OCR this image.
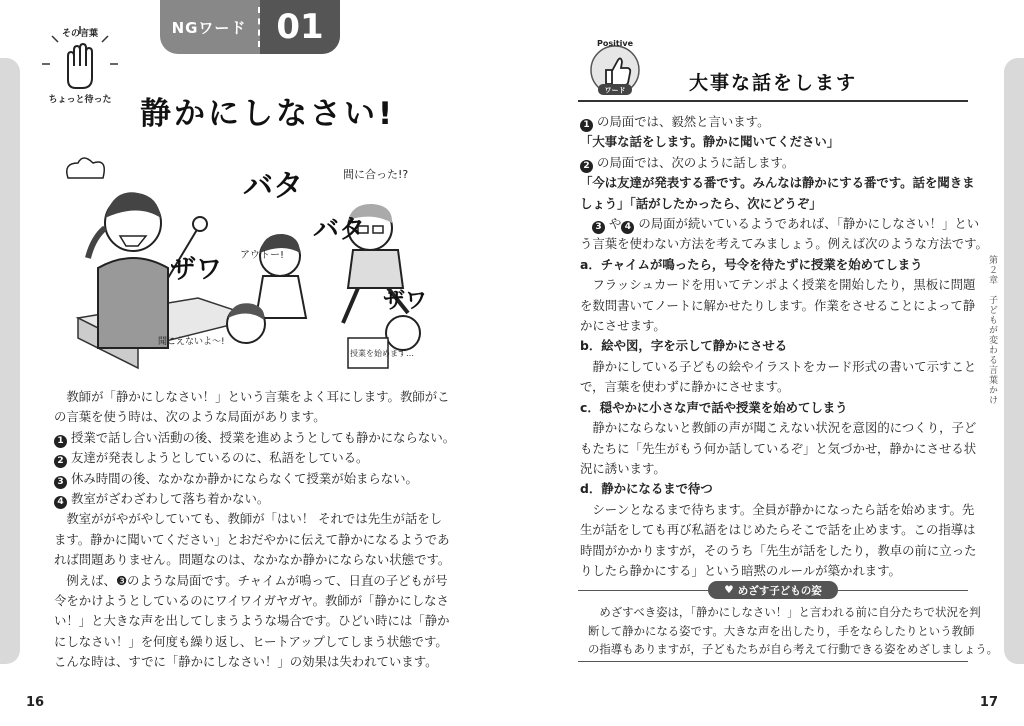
NGワード 01
その言葉
ちょっと待った 静かにしなさい!
バタ
バタ
ザワ
ザワ
間に合った!?
アウトー!
聞こえないよ〜!
授業を始めます…

　教師が「静かにしなさい！」という言葉をよく耳にします。教師がこ

の言葉を使う時は、次のような局面があります。

1 授業で話し合い活動の後、授業を進めようとしても静かにならない。

2 友達が発表しようとしているのに、私語をしている。

3 休み時間の後、なかなか静かにならなくて授業が始まらない。

4 教室がざわざわして落ち着かない。

　教室ががやがやしていても、教師が「はい！ それでは先生が話をし

ます。静かに聞いてください」とおだやかに伝えて静かになるようであ

れば問題ありません。問題なのは、なかなか静かにならない状態です。

　例えば、❸のような局面です。チャイムが鳴って、日直の子どもが号

令をかけようとしているのにワイワイガヤガヤ。教師が「静かにしなさ

い！」と大きな声を出してしまうような場合です。ひどい時には「静か

にしなさい！」を何度も繰り返し、ヒートアップしてしまう状態です。

こんな時は、すでに「静かにしなさい！」の効果は失われています。

16
大事な話をします
Positive
ワード

1 の局面では、毅然と言います。

「大事な話をします。静かに聞いてください」

2 の局面では、次のように話します。

「今は友達が発表する番です。みんなは静かにする番です。話を聞きま

しょう」「話がしたかったら、次にどうぞ」

3 や 4 の局面が続いているようであれば、「静かにしなさい！」とい

う言葉を使わない方法を考えてみましょう。例えば次のような方法です。

a．チャイムが鳴ったら，号令を待たずに授業を始めてしまう

　フラッシュカードを用いてテンポよく授業を開始したり，黒板に問題

を数問書いてノートに解かせたりします。作業をさせることによって静

かにさせます。

b．絵や図，字を示して静かにさせる

　静かにしている子どもの絵やイラストをカード形式の書いて示すこと

で，言葉を使わずに静かにさせます。

c．穏やかに小さな声で話や授業を始めてしまう

　静かにならないと教師の声が聞こえない状況を意図的につくり，子ど

もたちに「先生がもう何か話しているぞ」と気づかせ，静かにさせる状

況に誘います。

d．静かになるまで待つ

　シーンとなるまで待ちます。全員が静かになったら話を始めます。先

生が話をしても再び私語をはじめたらそこで話を止めます。この指導は

時間がかかりますが，そのうち「先生が話をしたり，教卓の前に立った

りしたら静かにする」という暗黙のルールが築かれます。

第２章　子どもが変わる言葉かけ
♥ めざす子どもの姿

　めざすべき姿は，「静かにしなさい！」と言われる前に自分たちで状況を判

断して静かになる姿です。大きな声を出したり，手をならしたりという教師

の指導もありますが，子どもたちが自ら考えて行動できる姿をめざしましょう。

17
